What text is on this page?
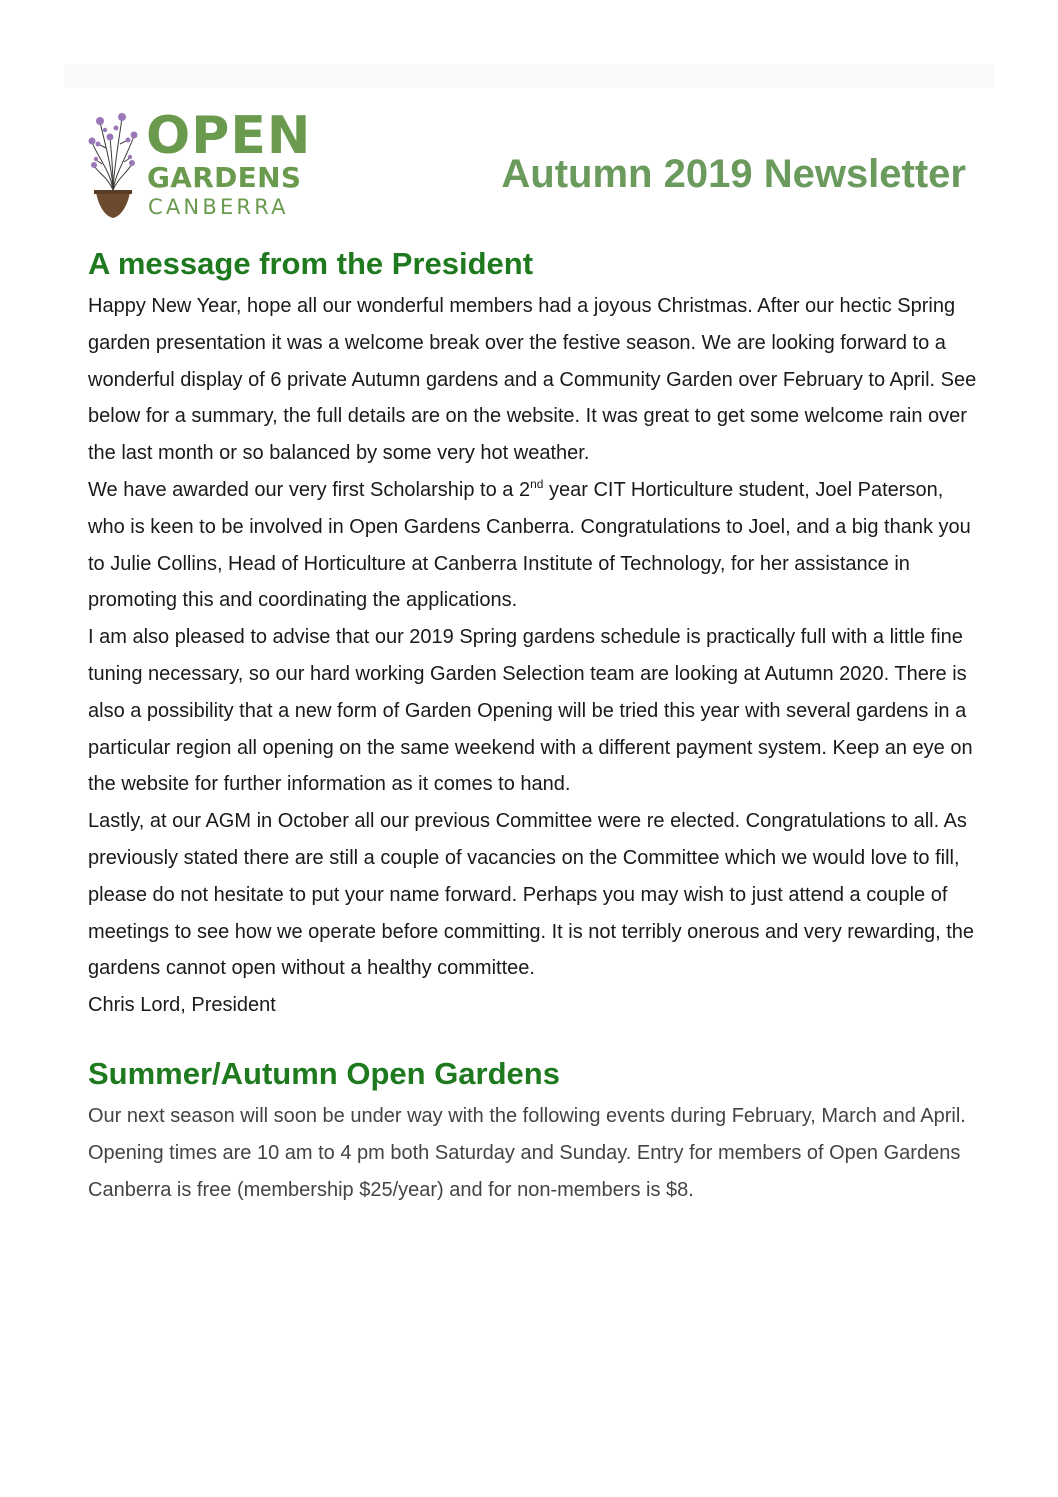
OPEN
GARDENS
CANBERRA
Autumn 2019 Newsletter
A message from the President

Happy New Year, hope all our wonderful members had a joyous Christmas. After our hectic Spring garden presentation it was a welcome break over the festive season. We are looking forward to a wonderful display of 6 private Autumn gardens and a Community Garden over February to April. See below for a summary, the full details are on the website. It was great to get some welcome rain over the last month or so balanced by some very hot weather.

We have awarded our very first Scholarship to a 2nd year CIT Horticulture student, Joel Paterson, who is keen to be involved in Open Gardens Canberra. Congratulations to Joel, and a big thank you to Julie Collins, Head of Horticulture at Canberra Institute of Technology, for her assistance in promoting this and coordinating the applications.

I am also pleased to advise that our 2019 Spring gardens schedule is practically full with a little fine tuning necessary, so our hard working Garden Selection team are looking at Autumn 2020. There is also a possibility that a new form of Garden Opening will be tried this year with several gardens in a particular region all opening on the same weekend with a different payment system. Keep an eye on the website for further information as it comes to hand.

Lastly, at our AGM in October all our previous Committee were re elected. Congratulations to all. As previously stated there are still a couple of vacancies on the Committee which we would love to fill, please do not hesitate to put your name forward. Perhaps you may wish to just attend a couple of meetings to see how we operate before committing. It is not terribly onerous and very rewarding, the gardens cannot open without a healthy committee.

Chris Lord, President

Summer/Autumn Open Gardens

Our next season will soon be under way with the following events during February, March and April. Opening times are 10 am to 4 pm both Saturday and Sunday. Entry for members of Open Gardens Canberra is free (membership $25/year) and for non-members is $8.
